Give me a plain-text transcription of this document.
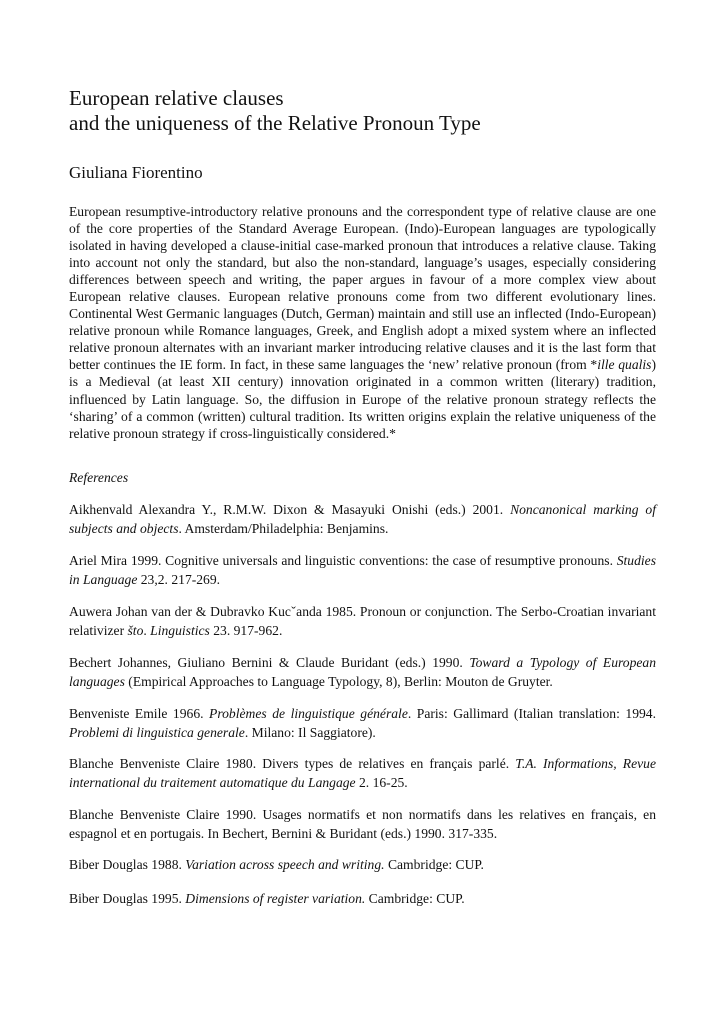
European relative clauses
and the uniqueness of the Relative Pronoun Type

Giuliana Fiorentino

European resumptive-introductory relative pronouns and the correspondent type of relative clause are one of the core properties of the Standard Average European. (Indo)-European languages are typologically isolated in having developed a clause-initial case-marked pronoun that introduces a relative clause. Taking into account not only the standard, but also the non-standard, language’s usages, especially considering differences between speech and writing, the paper argues in favour of a more complex view about European relative clauses. European relative pronouns come from two different evolutionary lines. Continental West Germanic languages (Dutch, German) maintain and still use an inflected (Indo-European) relative pronoun while Romance languages, Greek, and English adopt a mixed system where an inflected relative pronoun alternates with an invariant marker introducing relative clauses and it is the last form that better continues the IE form. In fact, in these same languages the ‘new’ relative pronoun (from *ille qualis) is a Medieval (at least XII century) innovation originated in a common written (literary) tradition, influenced by Latin language. So, the diffusion in Europe of the relative pronoun strategy reflects the ‘sharing’ of a common (written) cultural tradition. Its written origins explain the relative uniqueness of the relative pronoun strategy if cross-linguistically considered.*

References

Aikhenvald Alexandra Y., R.M.W. Dixon & Masayuki Onishi (eds.) 2001. Noncanonical marking of subjects and objects. Amsterdam/Philadelphia: Benjamins.

Ariel Mira 1999. Cognitive universals and linguistic conventions: the case of resumptive pronouns. Studies in Language 23,2. 217-269.

Auwera Johan van der & Dubravko Kucˇanda 1985. Pronoun or conjunction. The Serbo-Croatian invariant relativizer što. Linguistics 23. 917-962.

Bechert Johannes, Giuliano Bernini & Claude Buridant (eds.) 1990. Toward a Typology of European languages (Empirical Approaches to Language Typology, 8), Berlin: Mouton de Gruyter.

Benveniste Emile 1966. Problèmes de linguistique générale. Paris: Gallimard (Italian translation: 1994. Problemi di linguistica generale. Milano: Il Saggiatore).

Blanche Benveniste Claire 1980. Divers types de relatives en français parlé. T.A. Informations, Revue international du traitement automatique du Langage 2. 16-25.

Blanche Benveniste Claire 1990. Usages normatifs et non normatifs dans les relatives en français, en espagnol et en portugais. In Bechert, Bernini & Buridant (eds.) 1990. 317-335.

Biber Douglas 1988. Variation across speech and writing. Cambridge: CUP.

Biber Douglas 1995. Dimensions of register variation. Cambridge: CUP.
